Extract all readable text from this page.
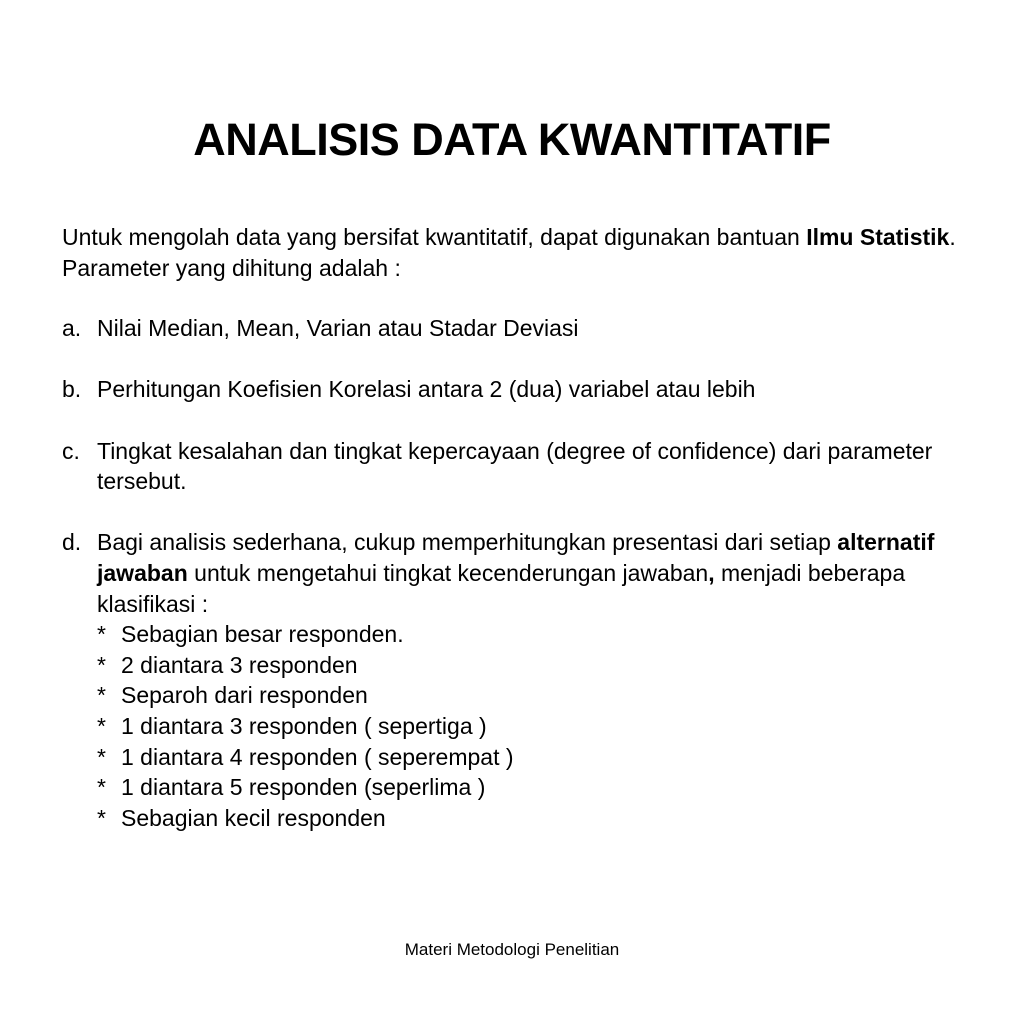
ANALISIS DATA KWANTITATIF

Untuk mengolah data yang bersifat kwantitatif, dapat digunakan bantuan Ilmu Statistik. Parameter yang dihitung adalah :

a. Nilai Median, Mean, Varian atau Stadar Deviasi
b. Perhitungan Koefisien Korelasi antara 2 (dua) variabel atau lebih
c. Tingkat kesalahan dan tingkat kepercayaan (degree of confidence) dari parameter tersebut.
d. Bagi analisis sederhana, cukup memperhitungkan presentasi dari setiap alternatif jawaban untuk mengetahui tingkat kecenderungan jawaban, menjadi beberapa klasifikasi :
* Sebagian besar responden.
* 2 diantara 3 responden
* Separoh dari responden
* 1 diantara 3 responden ( sepertiga )
* 1 diantara 4 responden ( seperempat )
* 1 diantara 5 responden (seperlima )
* Sebagian kecil responden
Materi Metodologi Penelitian
